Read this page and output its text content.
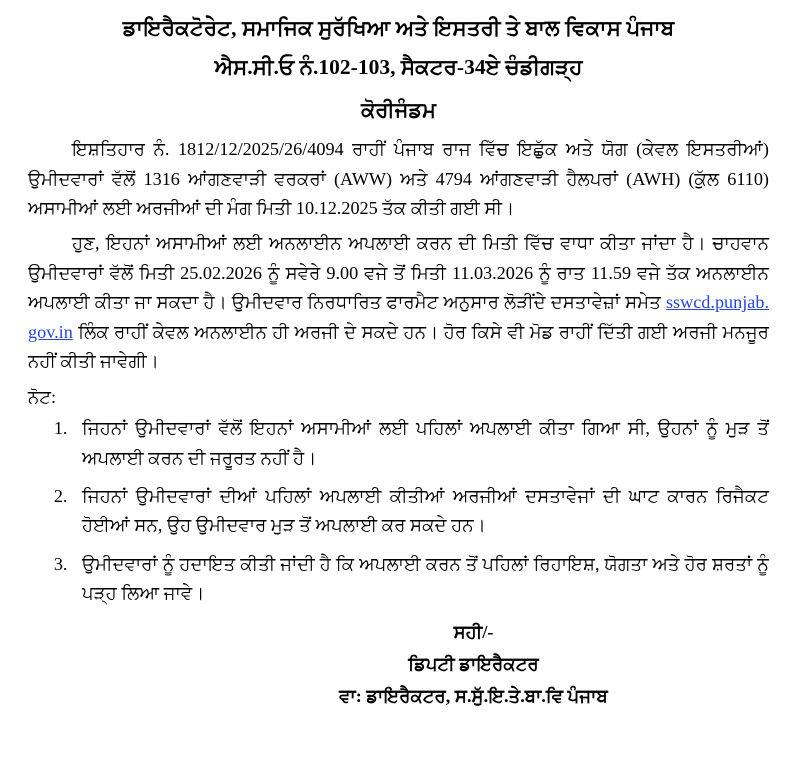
ਡਾਇਰੈਕਟੋਰੇਟ, ਸਮਾਜਿਕ ਸੁਰੱਖਿਆ ਅਤੇ ਇਸਤਰੀ ਤੇ ਬਾਲ ਵਿਕਾਸ ਪੰਜਾਬ
ਐਸ.ਸੀ.ਓ ਨੰ.102-103, ਸੈਕਟਰ-34ਏ ਚੰਡੀਗੜ੍ਹ
ਕੋਰੀਜੰਡਮ

ਇਸ਼ਤਿਹਾਰ ਨੰ. 1812/12/2025/26/4094 ਰਾਹੀਂ ਪੰਜਾਬ ਰਾਜ ਵਿੱਚ ਇਛੁੱਕ ਅਤੇ ਯੋਗ (ਕੇਵਲ ਇਸਤਰੀਆਂ) ਉਮੀਦਵਾਰਾਂ ਵੱਲੋਂ 1316 ਆਂਗਣਵਾੜੀ ਵਰਕਰਾਂ (AWW) ਅਤੇ 4794 ਆਂਗਣਵਾੜੀ ਹੈਲਪਰਾਂ (AWH) (ਕੁੱਲ 6110) ਅਸਾਮੀਆਂ ਲਈ ਅਰਜੀਆਂ ਦੀ ਮੰਗ ਮਿਤੀ 10.12.2025 ਤੱਕ ਕੀਤੀ ਗਈ ਸੀ।

ਹੁਣ, ਇਹਨਾਂ ਅਸਾਮੀਆਂ ਲਈ ਅਨਲਾਈਨ ਅਪਲਾਈ ਕਰਨ ਦੀ ਮਿਤੀ ਵਿੱਚ ਵਾਧਾ ਕੀਤਾ ਜਾਂਦਾ ਹੈ। ਚਾਹਵਾਨ ਉਮੀਦਵਾਰਾਂ ਵੱਲੋਂ ਮਿਤੀ 25.02.2026 ਨੂੰ ਸਵੇਰੇ 9.00 ਵਜੇ ਤੋਂ ਮਿਤੀ 11.03.2026 ਨੂੰ ਰਾਤ 11.59 ਵਜੇ ਤੱਕ ਅਨਲਾਈਨ ਅਪਲਾਈ ਕੀਤਾ ਜਾ ਸਕਦਾ ਹੈ। ਉਮੀਦਵਾਰ ਨਿਰਧਾਰਿਤ ਫਾਰਮੈਟ ਅਨੁਸਾਰ ਲੋੜੀਂਦੇ ਦਸਤਾਵੇਜ਼ਾਂ ਸਮੇਤ sswcd.punjab.gov.in ਲਿੰਕ ਰਾਹੀਂ ਕੇਵਲ ਅਨਲਾਈਨ ਹੀ ਅਰਜੀ ਦੇ ਸਕਦੇ ਹਨ। ਹੋਰ ਕਿਸੇ ਵੀ ਮੋਡ ਰਾਹੀਂ ਦਿੱਤੀ ਗਈ ਅਰਜੀ ਮਨਜੂਰ ਨਹੀਂ ਕੀਤੀ ਜਾਵੇਗੀ।

ਨੋਟ:
1. ਜਿਹਨਾਂ ਉਮੀਦਵਾਰਾਂ ਵੱਲੋਂ ਇਹਨਾਂ ਅਸਾਮੀਆਂ ਲਈ ਪਹਿਲਾਂ ਅਪਲਾਈ ਕੀਤਾ ਗਿਆ ਸੀ, ਉਹਨਾਂ ਨੂੰ ਮੁੜ ਤੋਂ ਅਪਲਾਈ ਕਰਨ ਦੀ ਜਰੂਰਤ ਨਹੀਂ ਹੈ।
2. ਜਿਹਨਾਂ ਉਮੀਦਵਾਰਾਂ ਦੀਆਂ ਪਹਿਲਾਂ ਅਪਲਾਈ ਕੀਤੀਆਂ ਅਰਜੀਆਂ ਦਸਤਾਵੇਜਾਂ ਦੀ ਘਾਟ ਕਾਰਨ ਰਿਜੈਕਟ ਹੋਈਆਂ ਸਨ, ਉਹ ਉਮੀਦਵਾਰ ਮੁੜ ਤੋਂ ਅਪਲਾਈ ਕਰ ਸਕਦੇ ਹਨ।
3. ਉਮੀਦਵਾਰਾਂ ਨੂੰ ਹਦਾਇਤ ਕੀਤੀ ਜਾਂਦੀ ਹੈ ਕਿ ਅਪਲਾਈ ਕਰਨ ਤੋਂ ਪਹਿਲਾਂ ਰਿਹਾਇਸ਼, ਯੋਗਤਾ ਅਤੇ ਹੋਰ ਸ਼ਰਤਾਂ ਨੂੰ ਪੜ੍ਹ ਲਿਆ ਜਾਵੇ।
ਸਹੀ/-
ਡਿਪਟੀ ਡਾਇਰੈਕਟਰ
ਵਾ: ਡਾਇਰੈਕਟਰ, ਸ.ਸੁੱ.ਇ.ਤੇ.ਬਾ.ਵਿ ਪੰਜਾਬ
